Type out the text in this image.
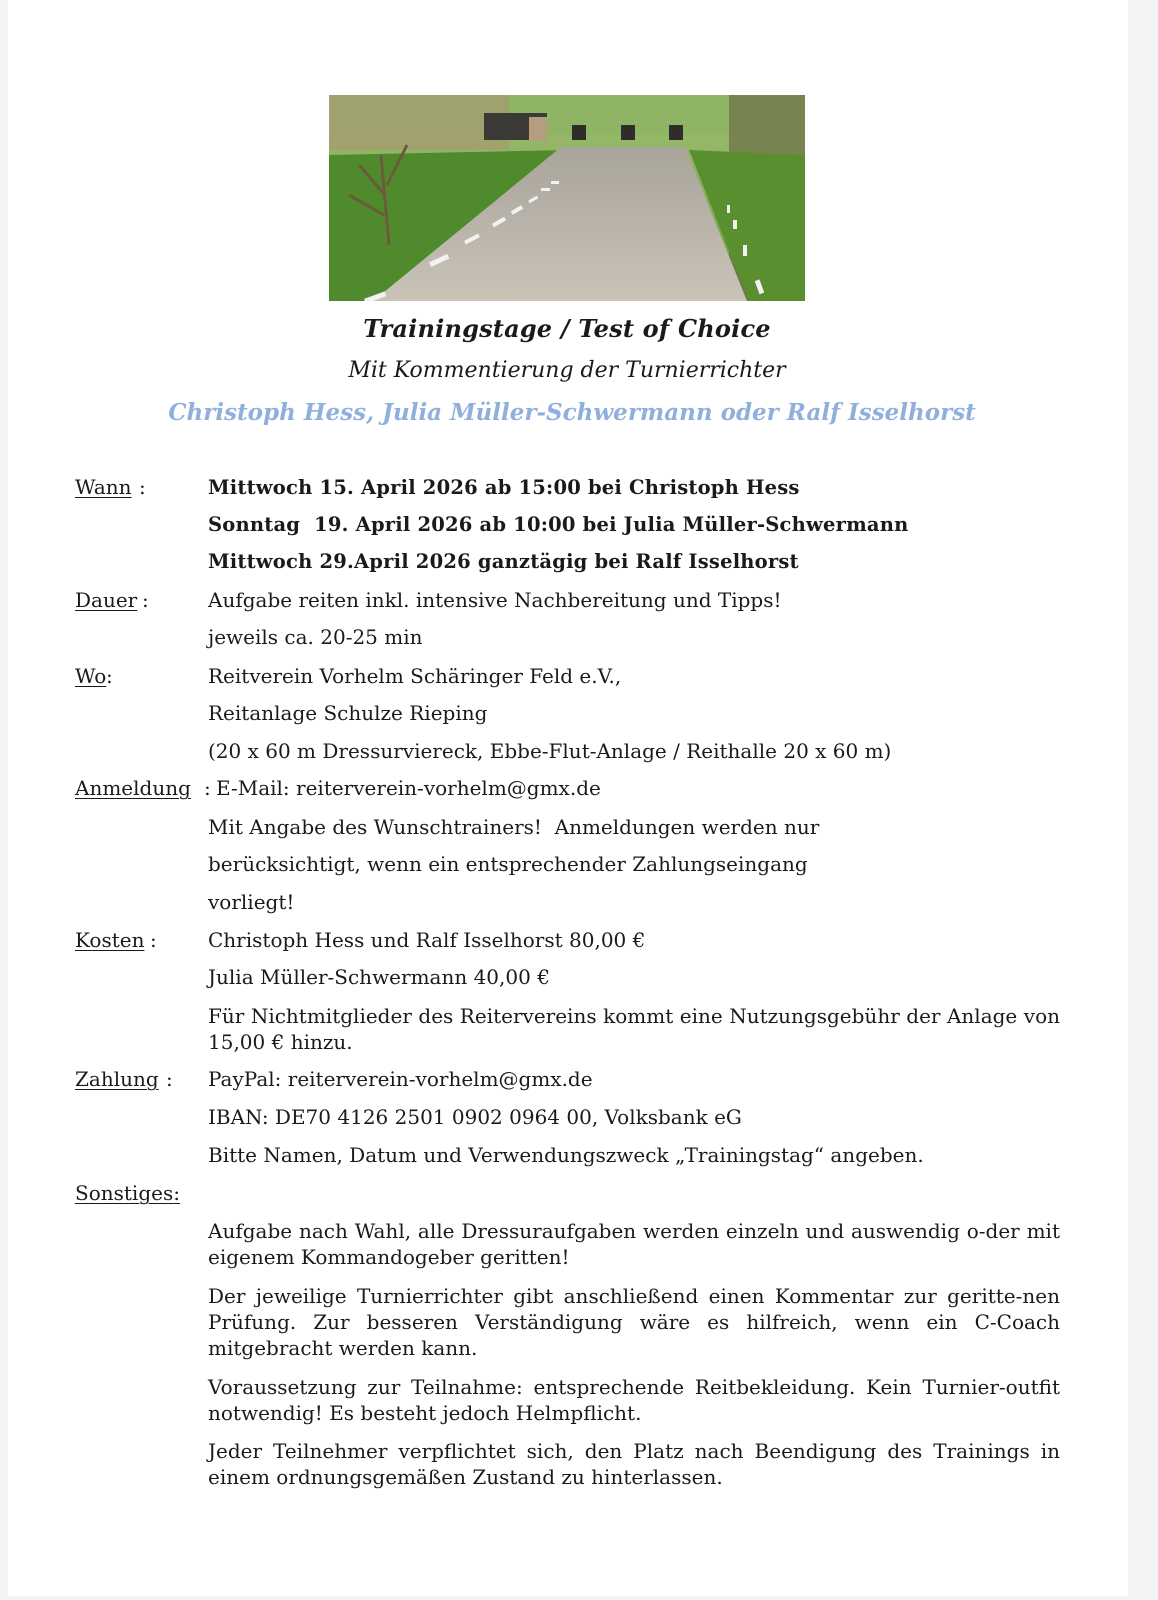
Trainingstage / Test of Choice
Mit Kommentierung der Turnierrichter
Christoph Hess, Julia Müller-Schwermann oder Ralf Isselhorst
Wann :	Mittwoch 15. April 2026 ab 15:00 bei Christoph Hess
Sonntag  19. April 2026 ab 10:00 bei Julia Müller-Schwermann
Mittwoch 29.April 2026 ganztägig bei Ralf Isselhorst
Dauer :	Aufgabe reiten inkl. intensive Nachbereitung und Tipps!
jeweils ca. 20-25 min
Wo :	Reitverein Vorhelm Schäringer Feld e.V.,
Reitanlage Schulze Rieping
(20 x 60 m Dressurviereck, Ebbe-Flut-Anlage / Reithalle 20 x 60 m)
Anmeldung : E-Mail: reiterverein-vorhelm@gmx.de
Mit Angabe des Wunschtrainers!  Anmeldungen werden nur
berücksichtigt, wenn ein entsprechender Zahlungseingang
vorliegt!
Kosten :	Christoph Hess und Ralf Isselhorst 80,00 €
Julia Müller-Schwermann 40,00 €
Für Nichtmitglieder des Reitervereins kommt eine Nutzungsgebühr der Anlage von 15,00 € hinzu.
Zahlung : PayPal: reiterverein-vorhelm@gmx.de
IBAN: DE70 4126 2501 0902 0964 00, Volksbank eG
Bitte Namen, Datum und Verwendungszweck „Trainingstag“ angeben.
Sonstiges:
Aufgabe nach Wahl, alle Dressuraufgaben werden einzeln und auswendig o-der mit eigenem Kommandogeber geritten!
Der jeweilige Turnierrichter gibt anschließend einen Kommentar zur geritte-nen Prüfung. Zur besseren Verständigung wäre es hilfreich, wenn ein C-Coach mitgebracht werden kann.
Voraussetzung zur Teilnahme: entsprechende Reitbekleidung. Kein Turnier-outfit notwendig! Es besteht jedoch Helmpflicht.
Jeder Teilnehmer verpflichtet sich, den Platz nach Beendigung des Trainings in einem ordnungsgemäßen Zustand zu hinterlassen.
